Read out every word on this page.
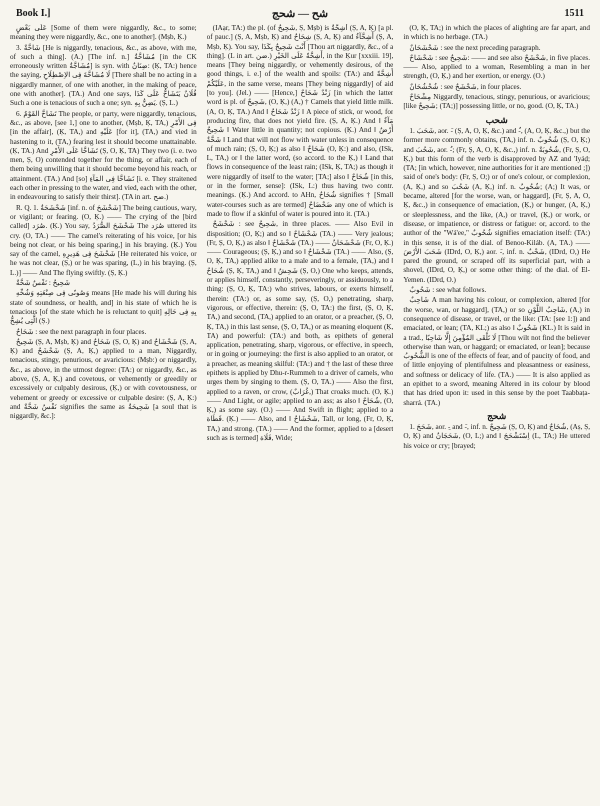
Book I.]	شح — شحج	1511

ﻋَﻠَﻰ ﺑَﻌْﺾٍ [Some of them were niggardly, &c., to some; meaning they were niggardly, &c., one to another]. (Mṣb, Ḳ.)

3. شَاحَّةٌ [He is niggardly, tenacious, &c., as above, with me, of such a thing]. (A.) [The inf. n.] مُشَاحَّةٌ [in the CK erroneously written مُشَاجَّةٌ] is syn. with ضِنَانٌ: (Ḳ, TA:) hence the saying, لَا مُشَاحَّةَ فِى الاِصْطِلَاحِ [There shall be no acting in a niggardly manner, of one with another, in the making of peace, one with another]. (TA.) And one says, فُلَانٌ يَتَشَاحُّ عَلَى كَذَا Such a one is tenacious of such a one; syn. يَضِنُّ بِهِ. (Ṣ, L.)

6. تَشَاحَّ القَوْمُ The people, or party, were niggardly, tenacious, &c., as above, [see 1,] one to another, (Mṣb, Ḳ, TA,) فِى الأَمْرِ [in the affair], (Ḳ, TA,) and عَلَيْهِ [for it], (TA,) and vied in hastening to it, (TA,) fearing lest it should become unattainable. (Ḳ, TA.) And تَشَاحَّا عَلَى الأَمْرِ (Ṣ, O, Ḳ, TA) They two (i. e. two men, Ṣ, O) contended together for the thing, or affair, each of them being unwilling that it should become beyond his reach, or attainment. (TA.) And [so] تَشَاحَّا فِى المَآءِ [i. e. They straitened each other in pressing to the water, and vied, each with the other, in endeavouring to satisfy their thirst]. (TA in art. ضح.)

R. Q. 1. شَحْشَحَةٌ [inf. n. of شَحْشَحَ] The being cautious, wary, or vigilant; or fearing. (O, Ḳ.) —— The crying of the [bird called] صُرَد. (Ḳ.) You say, شَحْشَحَ الصُّرَدُ The صُرَد uttered its cry. (O, TA.) —— The camel's reiterating of his voice, [or his being not clear, or his being sparing,] in his braying. (Ḳ.) You say of the camel, شَحْشَحَ فِى هَدِيرِهِ [He reiterated his voice, or he was not clear, (Ṣ,) or he was sparing, (L,) in his braying. (Ṣ, L.)] —— And The flying swiftly. (Ṣ, Ḳ.)

شَحِيحٌ : نَفْسٌ شَحَّةٌ

وَصُونًى فِى صِنْعَتِهِ وَشُحِّهِ means [He made his will during his state of soundness, or health, and] in his state of which he is tenacious [of the state which he is reluctant to quit] بِهِ فِى حَالِهِ الَّتِى يُشِحُّ (Ṣ.)

شَحَاحٌ : see the next paragraph in four places.

شَحِيحٌ (Ṣ, A, Mṣb, Ḳ) and شَحَاحٌ (Ṣ, O, Ḳ) and شَحْشَاحٌ (Ṣ, A, Ḳ) and شَحْشَحٌ (Ṣ, A, Ḳ,) applied to a man, Niggardly, tenacious, stingy, penurious, or avaricious: (Mṣb:) or niggardly, &c., as above, in the utmost degree: (TA:) or niggardly, &c., as above, (Ṣ, A, Ḳ,) and covetous, or vehemently or greedily or excessively or culpably desirous, (Ḳ,) or with covetousness, or vehement or greedy or excessive or culpable desire: (Ṣ, A, Ḳ:) and نَفْسٌ شَحَّةٌ signifies the same as شَحِيحَةٌ [a soul that is niggardly, &c.]:

(IAạr, TA:) the pl. (of شَحِيحٌ, Ṣ, Mṣb) is أَشِحَّةٌ (Ṣ, A, Ḳ) [a pl. of pauc.] (Ṣ, A, Mṣb, Ḳ) and شِحَاحٌ (Ṣ, A, Ḳ) and أَشِحَّآءُ (Ṣ, A, Mṣb, Ḳ). You say, أَنْتَ شَحِيحٌ بِكَذَا [Thou art niggardly, &c., of a thing]. (L in art. ضن.) أَشِحَّةً عَلَى الخَيْرِ, in the Ḳur [xxxiii. 19], means [They being niggardly, or vehemently desirous, of the good things, i. e.] of the wealth and spoils: (TA:) and أَشِحَّةً عَلَيْكُمْ, in the same verse, means [They being niggardly] of aid [to you]. (Jel.) —— [Hence,] زَنْدٌ شَحَاحٌ [in which the latter word is pl. of شَحِيحٌ, (O, Ḳ,) (A,) † Camels that yield little milk. (A, O, Ḳ, TA.) And ‖ زَنْدٌ شَحَاحٌ ‖ A piece of stick, or wood, for producing fire, that does not yield fire. (Ṣ, A, Ḳ.) And ‖ مَآءٌ شَحِيحٌ ‖ Water little in quantity; not copious. (Ḳ.) And ‖ أَرْضٌ شَحَّةٌ ‖ Land that will not flow with water unless in consequence of much rain; (Ṣ, O, Ḳ;) as also ‖ شَحَاحٌ (O, Ḳ:) and also, (ISk, L, TA,) or ‖ the latter word, (so accord. to the Ḳ,) ‖ Land that flows in consequence of the least rain; (ISk, Ḳ, TA;) as though it were niggardly of itself to the water; [TA;] also ‖ شُحَاحٌ [in this, or in the former, sense]: (ISk, L:) thus having two contr. meanings. (Ḳ.) And accord. to AHn, شُحَاحٌ signifies † [Small water-courses such as are termed] ضَحْضَاحٌ any one of which is made to flow if a skinful of water is poured into it. (TA.)

شَحْشَحٌ : see شَحِيحٌ, in three places. —— Also Evil in disposition; (O, Ḳ;) and so ‖ شَحْشَاحٌ (TA.) —— Very jealous; (Fr, Ṣ, O, Ḳ,) as also ‖ شَحْشَاحٌ (TA.) —— شَحْشَحَانٌ (Fr, O, Ḳ.) —— Courageous; (Ṣ, Ḳ,) and so ‖ شَحْشَاحٌ (TA.) —— Also, (Ṣ, O, Ḳ, TA,) applied alike to a male and to a female, (TA,) and ‖ شُحَاحٌ (Ṣ, Ḳ, TA,) and ‖ شَحِشٌ (Ṣ, O,) One who keeps, attends, or applies himself, constantly, perseveringly, or assiduously, to a thing: (Ṣ, O, Ḳ, TA:) who strives, labours, or exerts himself, therein: (TA:) or, as some say, (Ṣ, O,) penetrating, sharp, vigorous, or effective, therein: (Ṣ, O, TA:) the first, (Ṣ, O, Ḳ, TA,) and second, (TA,) applied to an orator, or a preacher, (Ṣ, O, Ḳ, TA,) in this last sense, (Ṣ, O, TA,) or as meaning eloquent (Ḳ, TA) and powerful: (TA:) and both, as epithets of general application, penetrating, sharp, vigorous, or effective, in speech, or in going or journeying: the first is also applied to an orator, or a preacher, as meaning skilful: (TA:) and † the last of these three epithets is applied by Dhu-r-Rummeh to a driver of camels, who urges them by singing to them. (Ṣ, O, TA.) —— Also the first, applied to a raven, or crow, (غُرَابٌ,) That croaks much. (O, Ḳ.) —— And Light, or agile; applied to an ass; as also ‖ شُحَاحٌ, (O, Ḳ,) as some say. (O.) —— And Swift in flight; applied to a قَطَاة. (Ḳ.) —— Also, and ‖ شَحْشَاحٌ, Tall, or long, (Fr, O, Ḳ, TA,) and strong. (TA.) —— And the former, applied to a [desert such as is termed] فَلَاة, Wide;

(O, Ḳ, TA;) in which the places of alighting are far apart, and in which is no herbage. (TA.)

شَحْشَحَانٌ : see the next preceding paragraph.

شَحْشَاحٌ : see شَحِيحٌ: —— and see also شَحْشَحٌ, in five places. —— Also, applied to a woman, Resembling a man in her strength, (O, Ḳ,) and her exertion, or energy. (O.)

شُحْشُحَانٌ : see شَحْشَحٌ, in four places.

مِشْحَاحٌ Niggardly, tenacious, stingy, penurious, or avaricious; [like شَحِيحٌ; (TA;)] possessing little, or no, good. (O, Ḳ, TA.)

شحب

1. شَحَبَ, aor. ‑َ (Ṣ, A, O, Ḳ, &c.) and ‑ُ, (A, O, Ḳ, &c.,) but the former more commonly obtains, (TA,) inf. n. شُحُوبٌ (Ṣ, O, Ḳ;) and شَحُبَ, aor. ‑ُ; (Fr, Ṣ, A, O, Ḳ, &c.,) inf. n. شُحُوبَةٌ, (Fr, Ṣ, O, Ḳ,) but this form of the verb is disapproved by AZ and 'Iyáḍ; (TA; [in which, however, nine authorities for it are mentioned ;]) said of one's body: (Fr, Ṣ, O;) or of one's colour, or complexion, (A, Ḳ,) and so شَحُبَ (A, Ḳ,) inf. n. شُحُوبٌ; (A;) It was, or became, altered [for the worse, wan, or haggard], (Fr, Ṣ, A, O, Ḳ, &c.,) in consequence of emaciation, (Ḳ,) or hunger, (A, Ḳ,) or sleeplessness, and the like, (A,) or travel, (Ḳ,) or work, or disease, or impatience, or distress or fatigue: or, accord. to the author of the "Wá'ee," شُحُوبٌ signifies emaciation itself: (TA:) in this sense, it is of the dial. of Benoo-Kiláb. (A, TA.) —— شَحَبَ الأَرْضَ (IDrd, O, Ḳ,) aor. ‑َ, inf. n. شَحْبٌ, (IDrd, O,) He pared the ground, or scraped off its superficial part, with a shovel, (IDrd, O, Ḳ,) or some other thing: of the dial. of El-Yemen. (IDrd, O.)

شَحُوبٌ : see what follows.

شَاحِبٌ A man having his colour, or complexion, altered [for the worse, wan, or haggard], (TA,) or so شَاحِبُ اللَّوْنِ, (A,) in consequence of disease, or travel, or the like: (TA: [see 1:]) and emaciated, or lean; (TA, KL;) as also ‖ شَحُوبٌ (KL.) It is said in a trad., لَا تَلْقَى المُؤْمِنَ إِلَّا شَاحِبًا [Thou wilt not find the believer otherwise than wan, or haggard; or emaciated, or lean]; because الشُّحُوبُ is one of the effects of fear, and of paucity of food, and of little enjoying of plentifulness and pleasantness or easiness, and softness or delicacy of life. (TA.) —— It is also applied as an epithet to a sword, meaning Altered in its colour by blood that has dried upon it: used in this sense by the poet Taabbaṭa-sharrá. (TA.)

شحج

1. شَحَجَ, aor. ‑ِ and ‑َ, inf. n. شَحِيجٌ (Ṣ, O, Ḳ) and شُحَاجٌ, (Aṣ, Ṣ, O, Ḳ) and شَحَجَانٌ, (O, L;) and ‖ اِسْتَشْحَجَ (L, TA;) He uttered his voice or cry; [brayed;
